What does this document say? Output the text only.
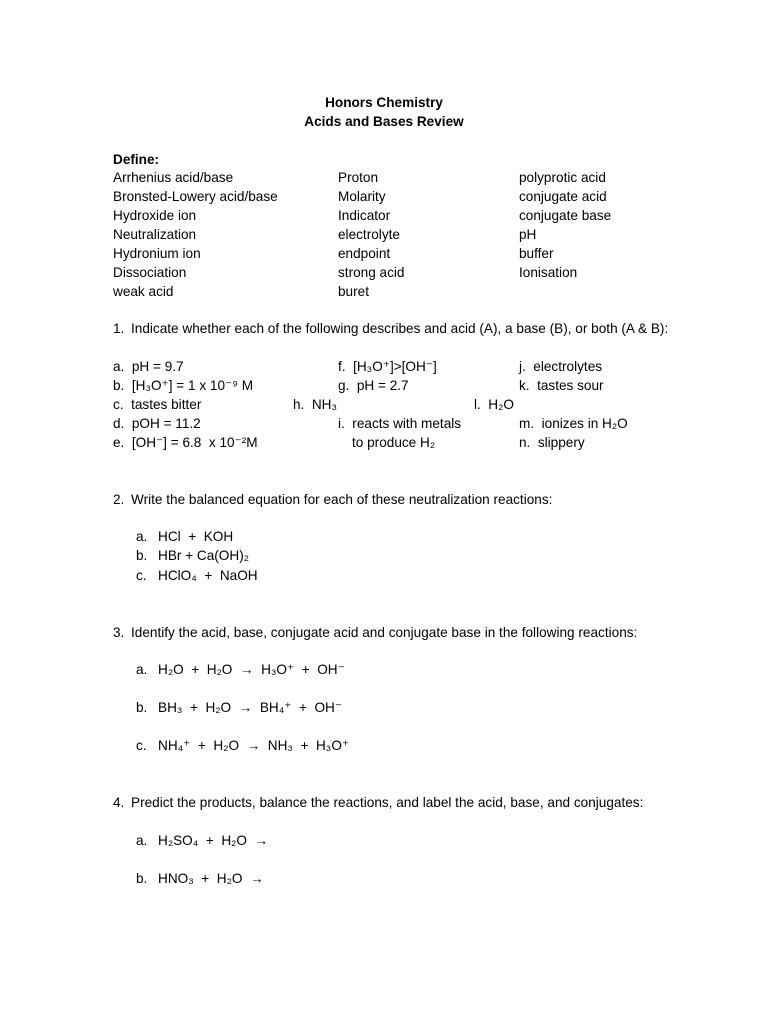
Honors Chemistry
Acids and Bases Review
Define:
Arrhenius acid/base
Bronsted-Lowery acid/base
Hydroxide ion
Neutralization
Hydronium ion
Dissociation
weak acid
Proton
Molarity
Indicator
electrolyte
endpoint
strong acid
buret
polyprotic acid
conjugate acid
conjugate base
pH
buffer
Ionisation
1. Indicate whether each of the following describes and acid (A), a base (B), or both (A & B):
a. pH = 9.7
b. [H₃O⁺] = 1 x 10⁻⁹ M
c. tastes bitter
d. pOH = 11.2
e. [OH⁻] = 6.8  x 10⁻²M
f. [H₃O⁺]>[OH⁻]
g. pH = 2.7
h. NH₃
i. reacts with metals
to produce H₂
j. electrolytes
k. tastes sour
l. H₂O
m. ionizes in H₂O
n. slippery
2. Write the balanced equation for each of these neutralization reactions:
a. HCl  +  KOH
b. HBr + Ca(OH)₂
c. HClO₄  +  NaOH
3. Identify the acid, base, conjugate acid and conjugate base in the following reactions:
a. H₂O  +  H₂O  →  H₃O⁺  +  OH⁻
b. BH₃  +  H₂O  →  BH₄⁺  +  OH⁻
c. NH₄⁺  +  H₂O  →  NH₃  +  H₃O⁺
4. Predict the products, balance the reactions, and label the acid, base, and conjugates:
a. H₂SO₄  +  H₂O  →
b. HNO₃  +  H₂O  →
